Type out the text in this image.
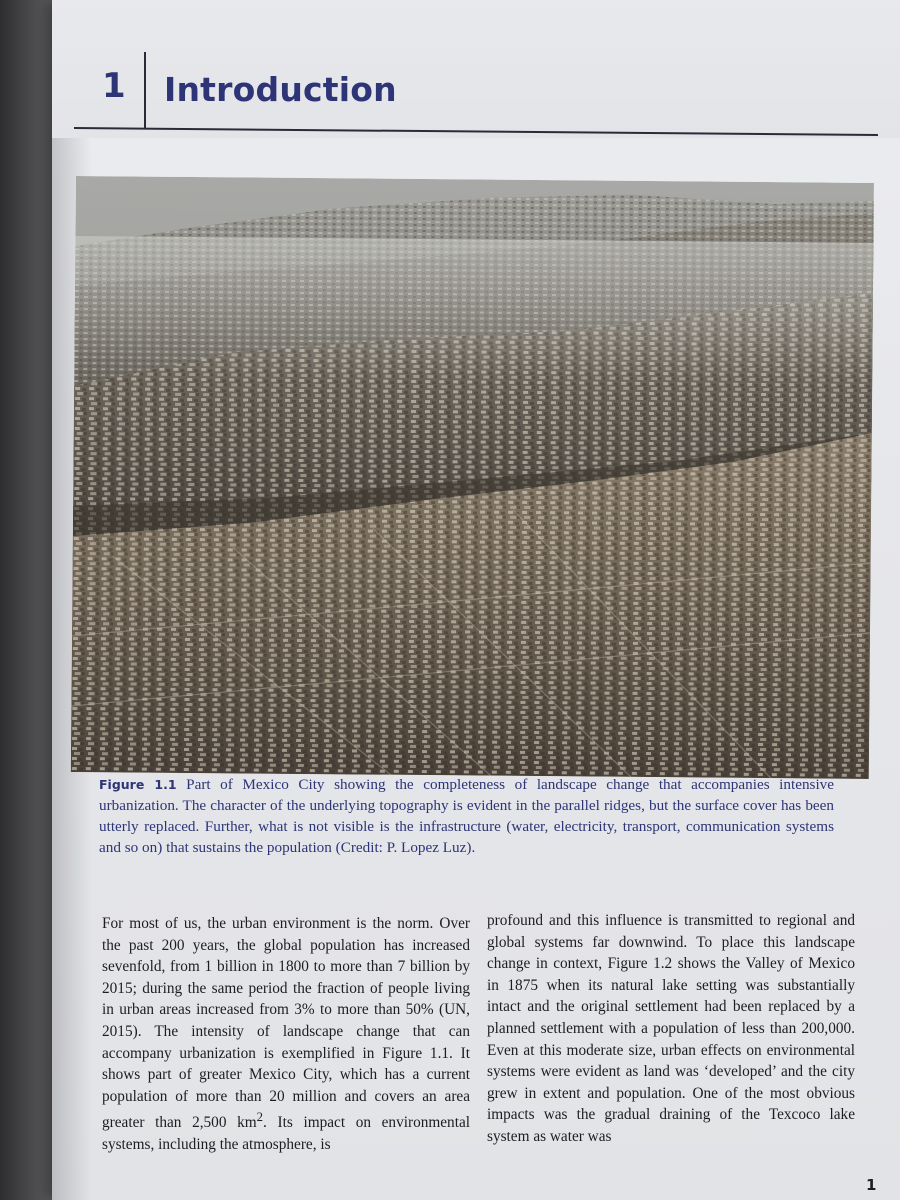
1 Introduction
Figure 1.1 Part of Mexico City showing the completeness of landscape change that accompanies intensive urbanization. The character of the underlying topography is evident in the parallel ridges, but the surface cover has been utterly replaced. Further, what is not visible is the infrastructure (water, electricity, transport, communication systems and so on) that sustains the population (Credit: P. Lopez Luz).

For most of us, the urban environment is the norm. Over the past 200 years, the global population has increased sevenfold, from 1 billion in 1800 to more than 7 billion by 2015; during the same period the fraction of people living in urban areas increased from 3% to more than 50% (UN, 2015). The intensity of landscape change that can accompany urbanization is exemplified in Figure 1.1. It shows part of greater Mexico City, which has a current population of more than 20 million and covers an area greater than 2,500 $km^2$. Its impact on environmental systems, including the atmosphere, is

profound and this influence is transmitted to regional and global systems far downwind. To place this landscape change in context, Figure 1.2 shows the Valley of Mexico in 1875 when its natural lake setting was substantially intact and the original settlement had been replaced by a planned settlement with a population of less than 200,000. Even at this moderate size, urban effects on environmental systems were evident as land was ‘developed’ and the city grew in extent and population. One of the most obvious impacts was the gradual draining of the Texcoco lake system as water was

1
